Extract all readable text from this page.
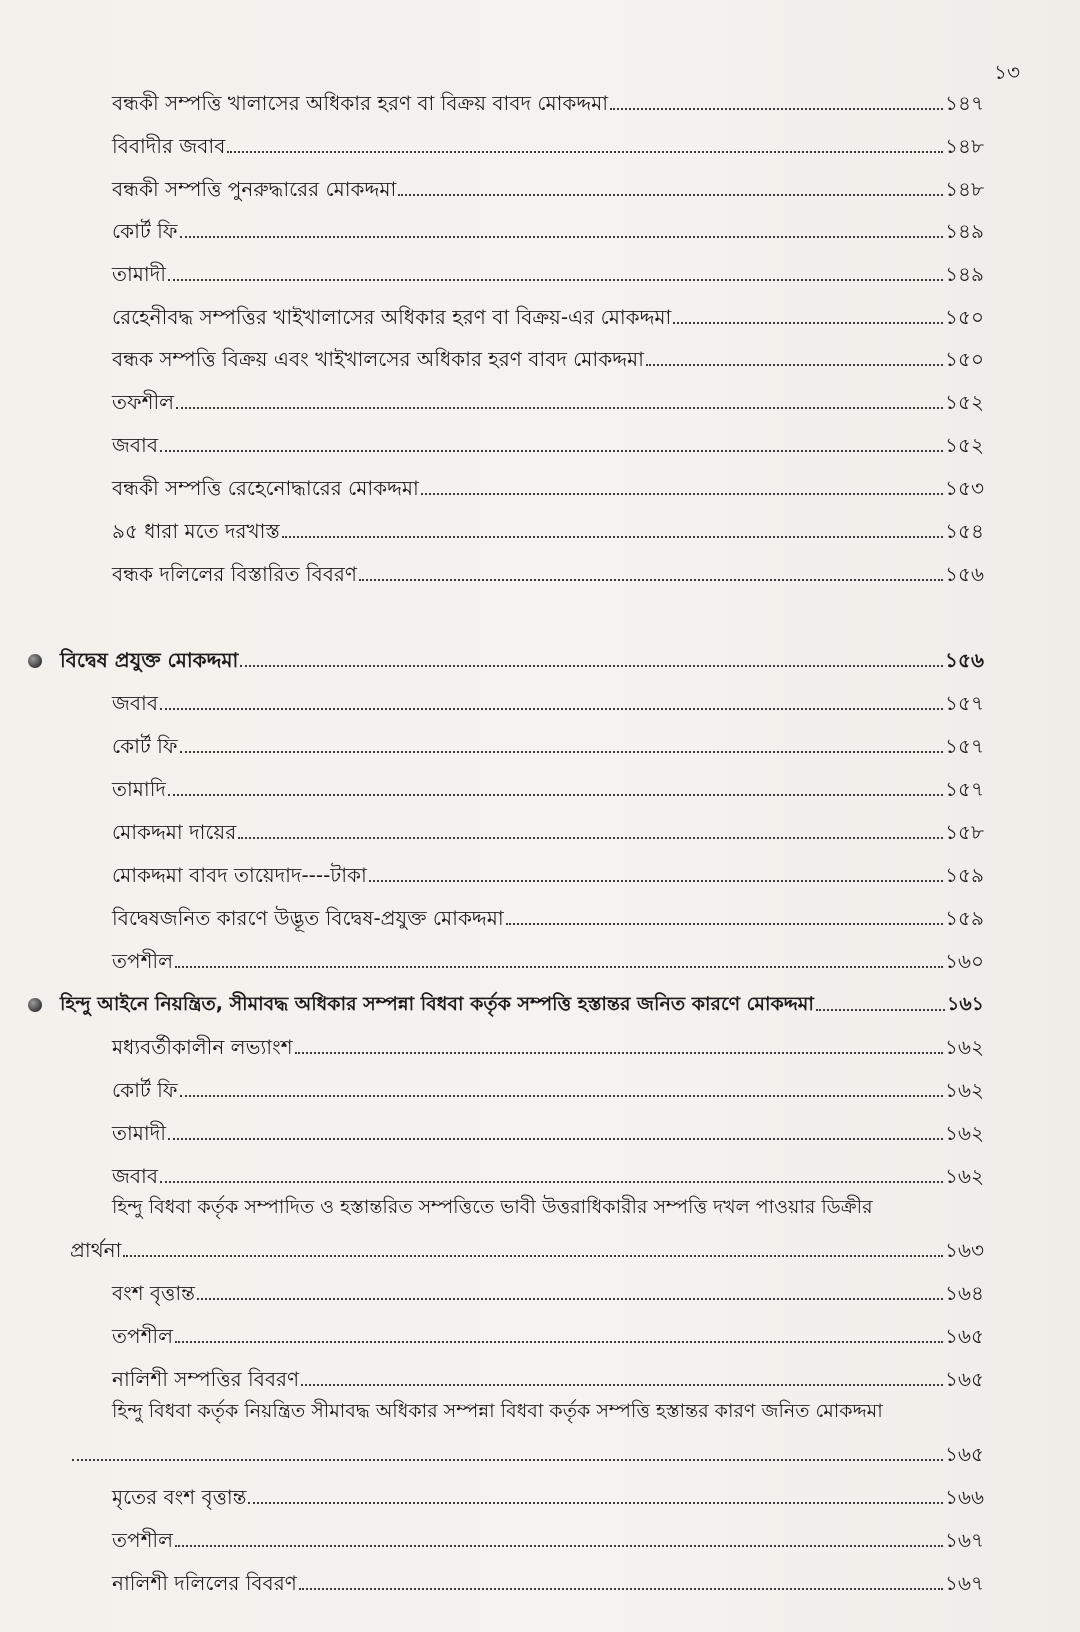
১৩
বন্ধকী সম্পত্তি খালাসের অধিকার হরণ বা বিক্রয় বাবদ মোকদ্দমা	১৪৭
বিবাদীর জবাব	১৪৮
বন্ধকী সম্পত্তি পুনরুদ্ধারের মোকদ্দমা	১৪৮
কোর্ট ফি	১৪৯
তামাদী	১৪৯
রেহেনীবদ্ধ সম্পত্তির খাইখালাসের অধিকার হরণ বা বিক্রয়-এর মোকদ্দমা	১৫০
বন্ধক সম্পত্তি বিক্রয় এবং খাইখালসের অধিকার হরণ বাবদ মোকদ্দমা	১৫০
তফশীল	১৫২
জবাব	১৫২
বন্ধকী সম্পত্তি রেহেনোদ্ধারের মোকদ্দমা	১৫৩
৯৫ ধারা মতে দরখাস্ত	১৫৪
বন্ধক দলিলের বিস্তারিত বিবরণ	১৫৬
বিদ্বেষ প্রযুক্ত মোকদ্দমা	১৫৬
জবাব	১৫৭
কোর্ট ফি	১৫৭
তামাদি	১৫৭
মোকদ্দমা দায়ের	১৫৮
মোকদ্দমা বাবদ তায়েদাদ----টাকা	১৫৯
বিদ্বেষজনিত কারণে উদ্ভূত বিদ্বেষ-প্রযুক্ত মোকদ্দমা	১৫৯
তপশীল	১৬০
হিন্দু আইনে নিয়ন্ত্রিত, সীমাবদ্ধ অধিকার সম্পন্না বিধবা কর্তৃক সম্পত্তি হস্তান্তর জনিত কারণে মোকদ্দমা	১৬১
মধ্যবর্তীকালীন লভ্যাংশ	১৬২
কোর্ট ফি	১৬২
তামাদী	১৬২
জবাব	১৬২
হিন্দু বিধবা কর্তৃক সম্পাদিত ও হস্তান্তরিত সম্পত্তিতে ভাবী উত্তরাধিকারীর সম্পত্তি দখল পাওয়ার ডিক্রীর
প্রার্থনা	১৬৩
বংশ বৃত্তান্ত	১৬৪
তপশীল	১৬৫
নালিশী সম্পত্তির বিবরণ	১৬৫
হিন্দু বিধবা কর্তৃক নিয়ন্ত্রিত সীমাবদ্ধ অধিকার সম্পন্না বিধবা কর্তৃক সম্পত্তি হস্তান্তর কারণ জনিত মোকদ্দমা
১৬৫
মৃতের বংশ বৃত্তান্ত	১৬৬
তপশীল	১৬৭
নালিশী দলিলের বিবরণ	১৬৭
